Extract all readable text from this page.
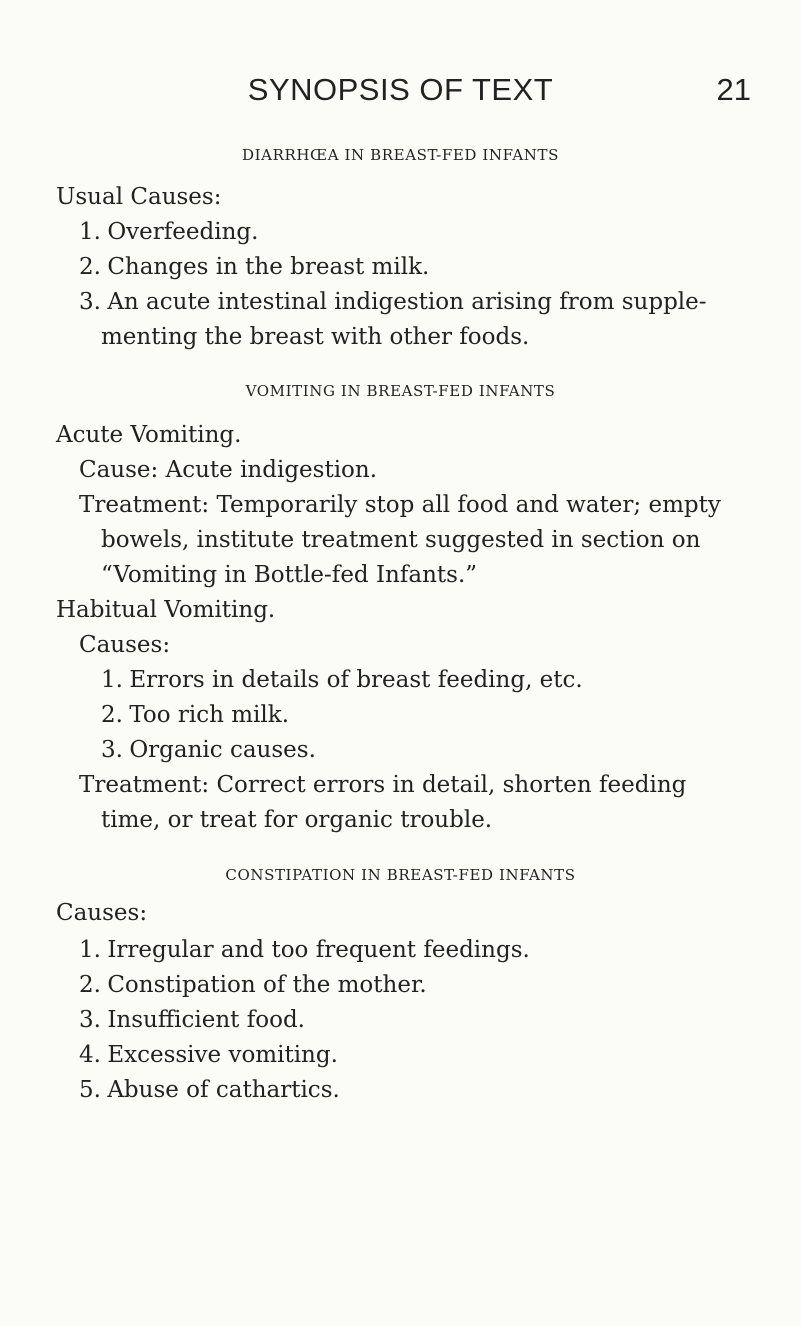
SYNOPSIS OF TEXT	21
DIARRHŒA IN BREAST-FED INFANTS
Usual Causes:
1. Overfeeding.
2. Changes in the breast milk.
3. An acute intestinal indigestion arising from supple-
menting the breast with other foods.
VOMITING IN BREAST-FED INFANTS
Acute Vomiting.
Cause: Acute indigestion.
Treatment: Temporarily stop all food and water; empty
bowels, institute treatment suggested in section on
“Vomiting in Bottle-fed Infants.”
Habitual Vomiting.
Causes:
1. Errors in details of breast feeding, etc.
2. Too rich milk.
3. Organic causes.
Treatment: Correct errors in detail, shorten feeding
time, or treat for organic trouble.
CONSTIPATION IN BREAST-FED INFANTS
Causes:
1. Irregular and too frequent feedings.
2. Constipation of the mother.
3. Insufficient food.
4. Excessive vomiting.
5. Abuse of cathartics.
